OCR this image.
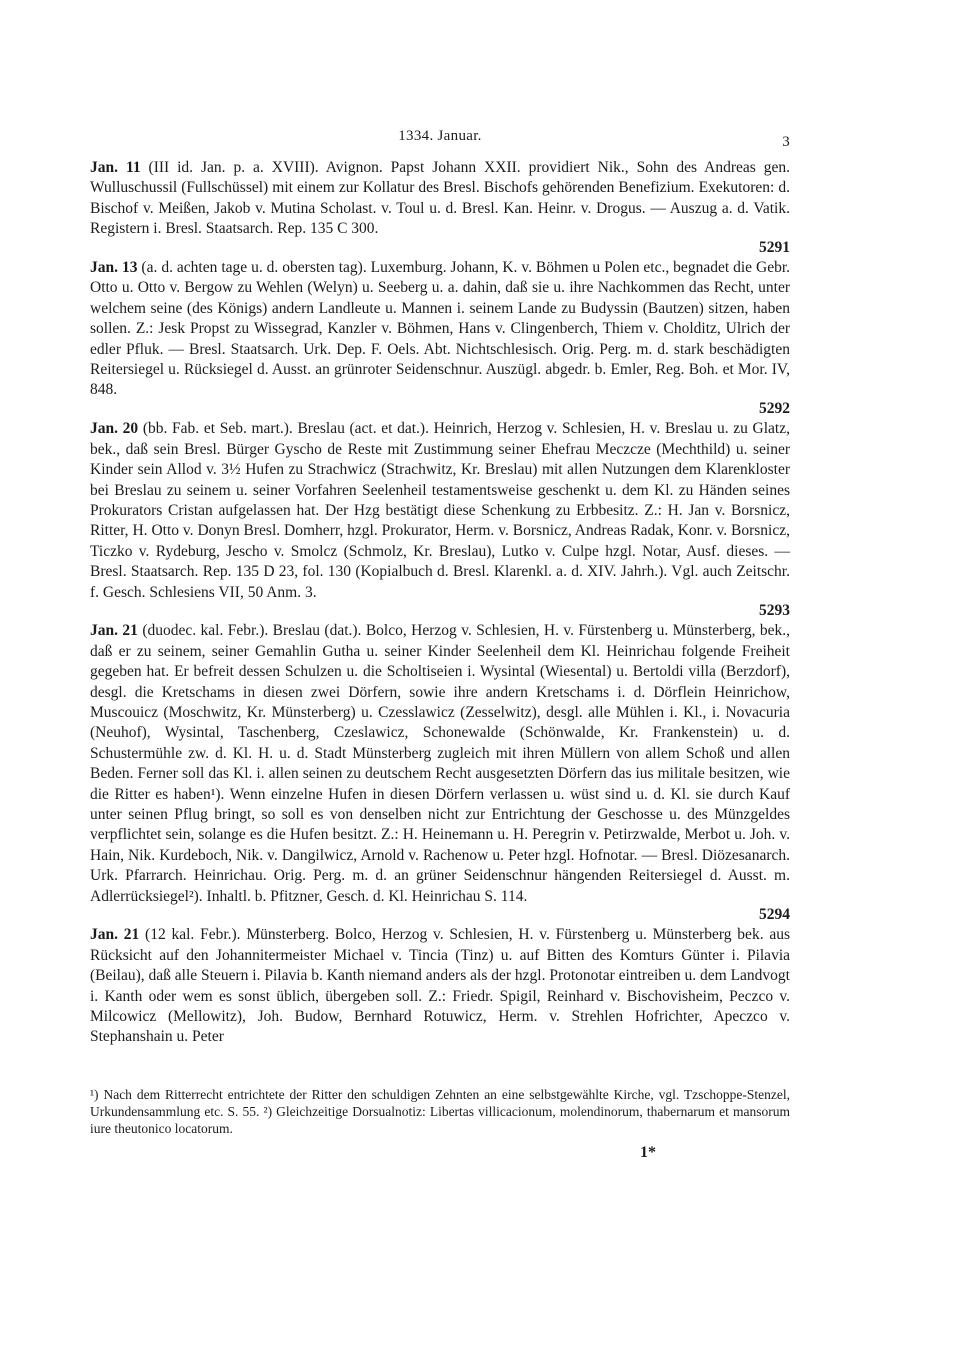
1334. Januar.	3

Jan. 11 (III id. Jan. p. a. XVIII). Avignon. Papst Johann XXII. providiert Nik., Sohn des Andreas gen. Wulluschussil (Fullschüssel) mit einem zur Kollatur des Bresl. Bischofs gehörenden Benefizium. Exekutoren: d. Bischof v. Meißen, Jakob v. Mutina Scholast. v. Toul u. d. Bresl. Kan. Heinr. v. Drogus. — Auszug a. d. Vatik. Registern i. Bresl. Staatsarch. Rep. 135 C 300.
5291

Jan. 13 (a. d. achten tage u. d. obersten tag). Luxemburg. Johann, K. v. Böhmen u Polen etc., begnadet die Gebr. Otto u. Otto v. Bergow zu Wehlen (Welyn) u. Seeberg u. a. dahin, daß sie u. ihre Nachkommen das Recht, unter welchem seine (des Königs) andern Landleute u. Mannen i. seinem Lande zu Budyssin (Bautzen) sitzen, haben sollen. Z.: Jesk Propst zu Wissegrad, Kanzler v. Böhmen, Hans v. Clingenberch, Thiem v. Cholditz, Ulrich der edler Pfluk. — Bresl. Staatsarch. Urk. Dep. F. Oels. Abt. Nichtschlesisch. Orig. Perg. m. d. stark beschädigten Reitersiegel u. Rücksiegel d. Ausst. an grünroter Seidenschnur. Auszügl. abgedr. b. Emler, Reg. Boh. et Mor. IV, 848.
5292

Jan. 20 (bb. Fab. et Seb. mart.). Breslau (act. et dat.). Heinrich, Herzog v. Schlesien, H. v. Breslau u. zu Glatz, bek., daß sein Bresl. Bürger Gyscho de Reste mit Zustimmung seiner Ehefrau Meczcze (Mechthild) u. seiner Kinder sein Allod v. 3½ Hufen zu Strachwicz (Strachwitz, Kr. Breslau) mit allen Nutzungen dem Klarenkloster bei Breslau zu seinem u. seiner Vorfahren Seelenheil testamentsweise geschenkt u. dem Kl. zu Händen seines Prokurators Cristan aufgelassen hat. Der Hzg bestätigt diese Schenkung zu Erbbesitz. Z.: H. Jan v. Borsnicz, Ritter, H. Otto v. Donyn Bresl. Domherr, hzgl. Prokurator, Herm. v. Borsnicz, Andreas Radak, Konr. v. Borsnicz, Ticzko v. Rydeburg, Jescho v. Smolcz (Schmolz, Kr. Breslau), Lutko v. Culpe hzgl. Notar, Ausf. dieses. — Bresl. Staatsarch. Rep. 135 D 23, fol. 130 (Kopialbuch d. Bresl. Klarenkl. a. d. XIV. Jahrh.). Vgl. auch Zeitschr. f. Gesch. Schlesiens VII, 50 Anm. 3.
5293

Jan. 21 (duodec. kal. Febr.). Breslau (dat.). Bolco, Herzog v. Schlesien, H. v. Fürstenberg u. Münsterberg, bek., daß er zu seinem, seiner Gemahlin Gutha u. seiner Kinder Seelenheil dem Kl. Heinrichau folgende Freiheit gegeben hat. Er befreit dessen Schulzen u. die Scholtiseien i. Wysintal (Wiesental) u. Bertoldi villa (Berzdorf), desgl. die Kretschams in diesen zwei Dörfern, sowie ihre andern Kretschams i. d. Dörflein Heinrichow, Muscouicz (Moschwitz, Kr. Münsterberg) u. Czesslawicz (Zesselwitz), desgl. alle Mühlen i. Kl., i. Novacuria (Neuhof), Wysintal, Taschenberg, Czeslawicz, Schonewalde (Schönwalde, Kr. Frankenstein) u. d. Schustermühle zw. d. Kl. H. u. d. Stadt Münsterberg zugleich mit ihren Müllern von allem Schoß und allen Beden. Ferner soll das Kl. i. allen seinen zu deutschem Recht ausgesetzten Dörfern das ius militale besitzen, wie die Ritter es haben¹). Wenn einzelne Hufen in diesen Dörfern verlassen u. wüst sind u. d. Kl. sie durch Kauf unter seinen Pflug bringt, so soll es von denselben nicht zur Entrichtung der Geschosse u. des Münzgeldes verpflichtet sein, solange es die Hufen besitzt. Z.: H. Heinemann u. H. Peregrin v. Petirzwalde, Merbot u. Joh. v. Hain, Nik. Kurdeboch, Nik. v. Dangilwicz, Arnold v. Rachenow u. Peter hzgl. Hofnotar. — Bresl. Diözesanarch. Urk. Pfarrarch. Heinrichau. Orig. Perg. m. d. an grüner Seidenschnur hängenden Reitersiegel d. Ausst. m. Adlerrücksiegel²). Inhaltl. b. Pfitzner, Gesch. d. Kl. Heinrichau S. 114.
5294

Jan. 21 (12 kal. Febr.). Münsterberg. Bolco, Herzog v. Schlesien, H. v. Fürstenberg u. Münsterberg bek. aus Rücksicht auf den Johannitermeister Michael v. Tincia (Tinz) u. auf Bitten des Komturs Günter i. Pilavia (Beilau), daß alle Steuern i. Pilavia b. Kanth niemand anders als der hzgl. Protonotar eintreiben u. dem Landvogt i. Kanth oder wem es sonst üblich, übergeben soll. Z.: Friedr. Spigil, Reinhard v. Bischovisheim, Peczco v. Milcowicz (Mellowitz), Joh. Budow, Bernhard Rotuwicz, Herm. v. Strehlen Hofrichter, Apeczco v. Stephanshain u. Peter

¹) Nach dem Ritterrecht entrichtete der Ritter den schuldigen Zehnten an eine selbstgewählte Kirche, vgl. Tzschoppe-Stenzel, Urkundensammlung etc. S. 55. ²) Gleichzeitige Dorsualnotiz: Libertas villicacionum, molendinorum, thabernarum et mansorum iure theutonico locatorum.

1*
